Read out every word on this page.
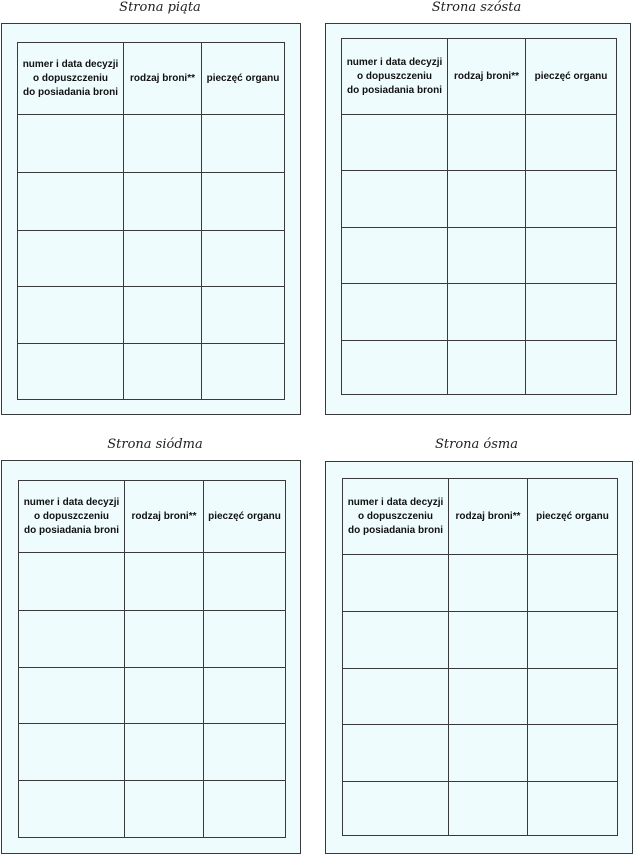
Strona piąta
numer i data decyzji
o dopuszczeniu
do posiadania broni	rodzaj broni**	pieczęć organu

Strona szósta
numer i data decyzji
o dopuszczeniu
do posiadania broni	rodzaj broni**	pieczęć organu

Strona siódma
numer i data decyzji
o dopuszczeniu
do posiadania broni	rodzaj broni**	pieczęć organu

Strona ósma
numer i data decyzji
o dopuszczeniu
do posiadania broni	rodzaj broni**	pieczęć organu
